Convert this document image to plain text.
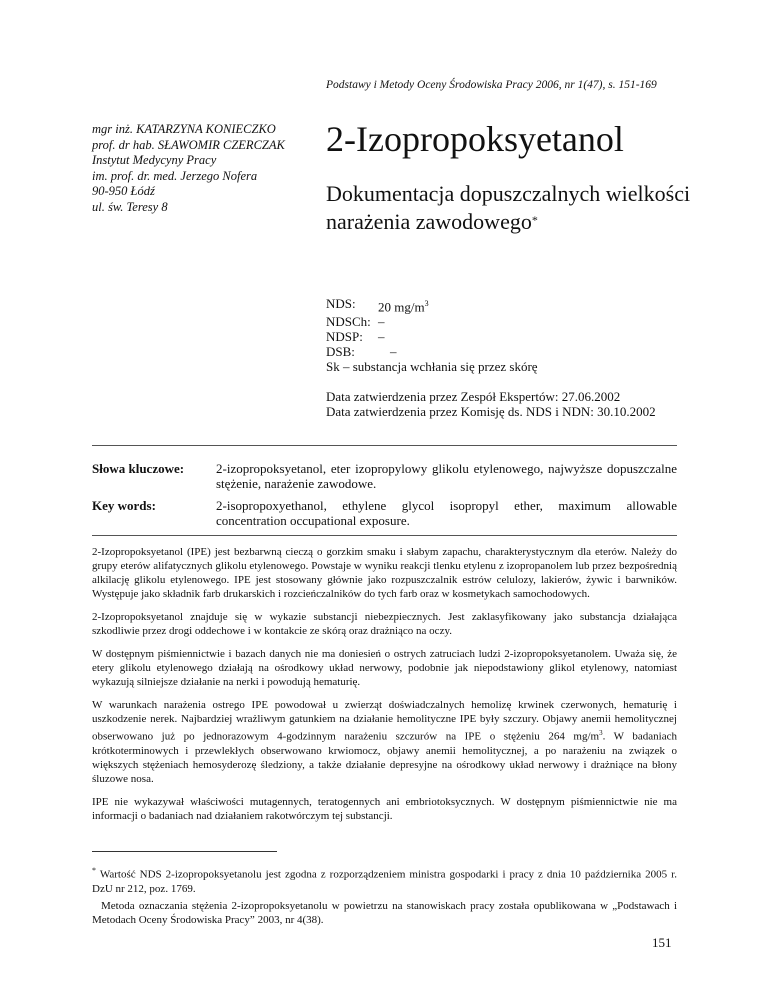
Podstawy i Metody Oceny Środowiska Pracy 2006, nr 1(47), s. 151-169
mgr inż. KATARZYNA KONIECZKO
prof. dr hab. SŁAWOMIR CZERCZAK
Instytut Medycyny Pracy
im. prof. dr. med. Jerzego Nofera
90-950 Łódź
ul. św. Teresy 8
2-Izopropoksyetanol
Dokumentacja dopuszczalnych wielkości narażenia zawodowego*
NDS:	20 $mg/m^3$
NDSCh: –
NDSP:	–
DSB:	–
Sk – substancja wchłania się przez skórę
Data zatwierdzenia przez Zespół Ekspertów: 27.06.2002
Data zatwierdzenia przez Komisję ds. NDS i NDN: 30.10.2002
Słowa kluczowe:	2-izopropoksyetanol, eter izopropylowy glikolu etylenowego, najwyższe dopuszczalne stężenie, narażenie zawodowe.
Key words:	2-isopropoxyethanol, ethylene glycol isopropyl ether, maximum allowable concentration occupational exposure.

2-Izopropoksyetanol (IPE) jest bezbarwną cieczą o gorzkim smaku i słabym zapachu, charakterystycznym dla eterów. Należy do grupy eterów alifatycznych glikolu etylenowego. Powstaje w wyniku reakcji tlenku etylenu z izopropanolem lub przez bezpośrednią alkilację glikolu etylenowego. IPE jest stosowany głównie jako rozpuszczalnik estrów celulozy, lakierów, żywic i barwników. Występuje jako składnik farb drukarskich i rozcieńczalników do tych farb oraz w kosmetykach samochodowych.

2-Izopropoksyetanol znajduje się w wykazie substancji niebezpiecznych. Jest zaklasyfikowany jako substancja działająca szkodliwie przez drogi oddechowe i w kontakcie ze skórą oraz drażniąco na oczy.

W dostępnym piśmiennictwie i bazach danych nie ma doniesień o ostrych zatruciach ludzi 2-izopropoksyetanolem. Uważa się, że etery glikolu etylenowego działają na ośrodkowy układ nerwowy, podobnie jak niepodstawiony glikol etylenowy, natomiast wykazują silniejsze działanie na nerki i powodują hematurię.

W warunkach narażenia ostrego IPE powodował u zwierząt doświadczalnych hemolizę krwinek czerwonych, hematurię i uszkodzenie nerek. Najbardziej wrażliwym gatunkiem na działanie hemolityczne IPE były szczury. Objawy anemii hemolitycznej obserwowano już po jednorazowym 4-godzinnym narażeniu szczurów na IPE o stężeniu 264 $mg/m^3$. W badaniach krótkoterminowych i przewlekłych obserwowano krwiomocz, objawy anemii hemolitycznej, a po narażeniu na związek o większych stężeniach hemosyderozę śledziony, a także działanie depresyjne na ośrodkowy układ nerwowy i drażniące na błony śluzowe nosa.

IPE nie wykazywał właściwości mutagennych, teratogennych ani embriotoksycznych. W dostępnym piśmiennictwie nie ma informacji o badaniach nad działaniem rakotwórczym tej substancji.

* Wartość NDS 2-izopropoksyetanolu jest zgodna z rozporządzeniem ministra gospodarki i pracy z dnia 10 października 2005 r. DzU nr 212, poz. 1769.
Metoda oznaczania stężenia 2-izopropoksyetanolu w powietrzu na stanowiskach pracy została opublikowana w „Podstawach i Metodach Oceny Środowiska Pracy” 2003, nr 4(38).
151
